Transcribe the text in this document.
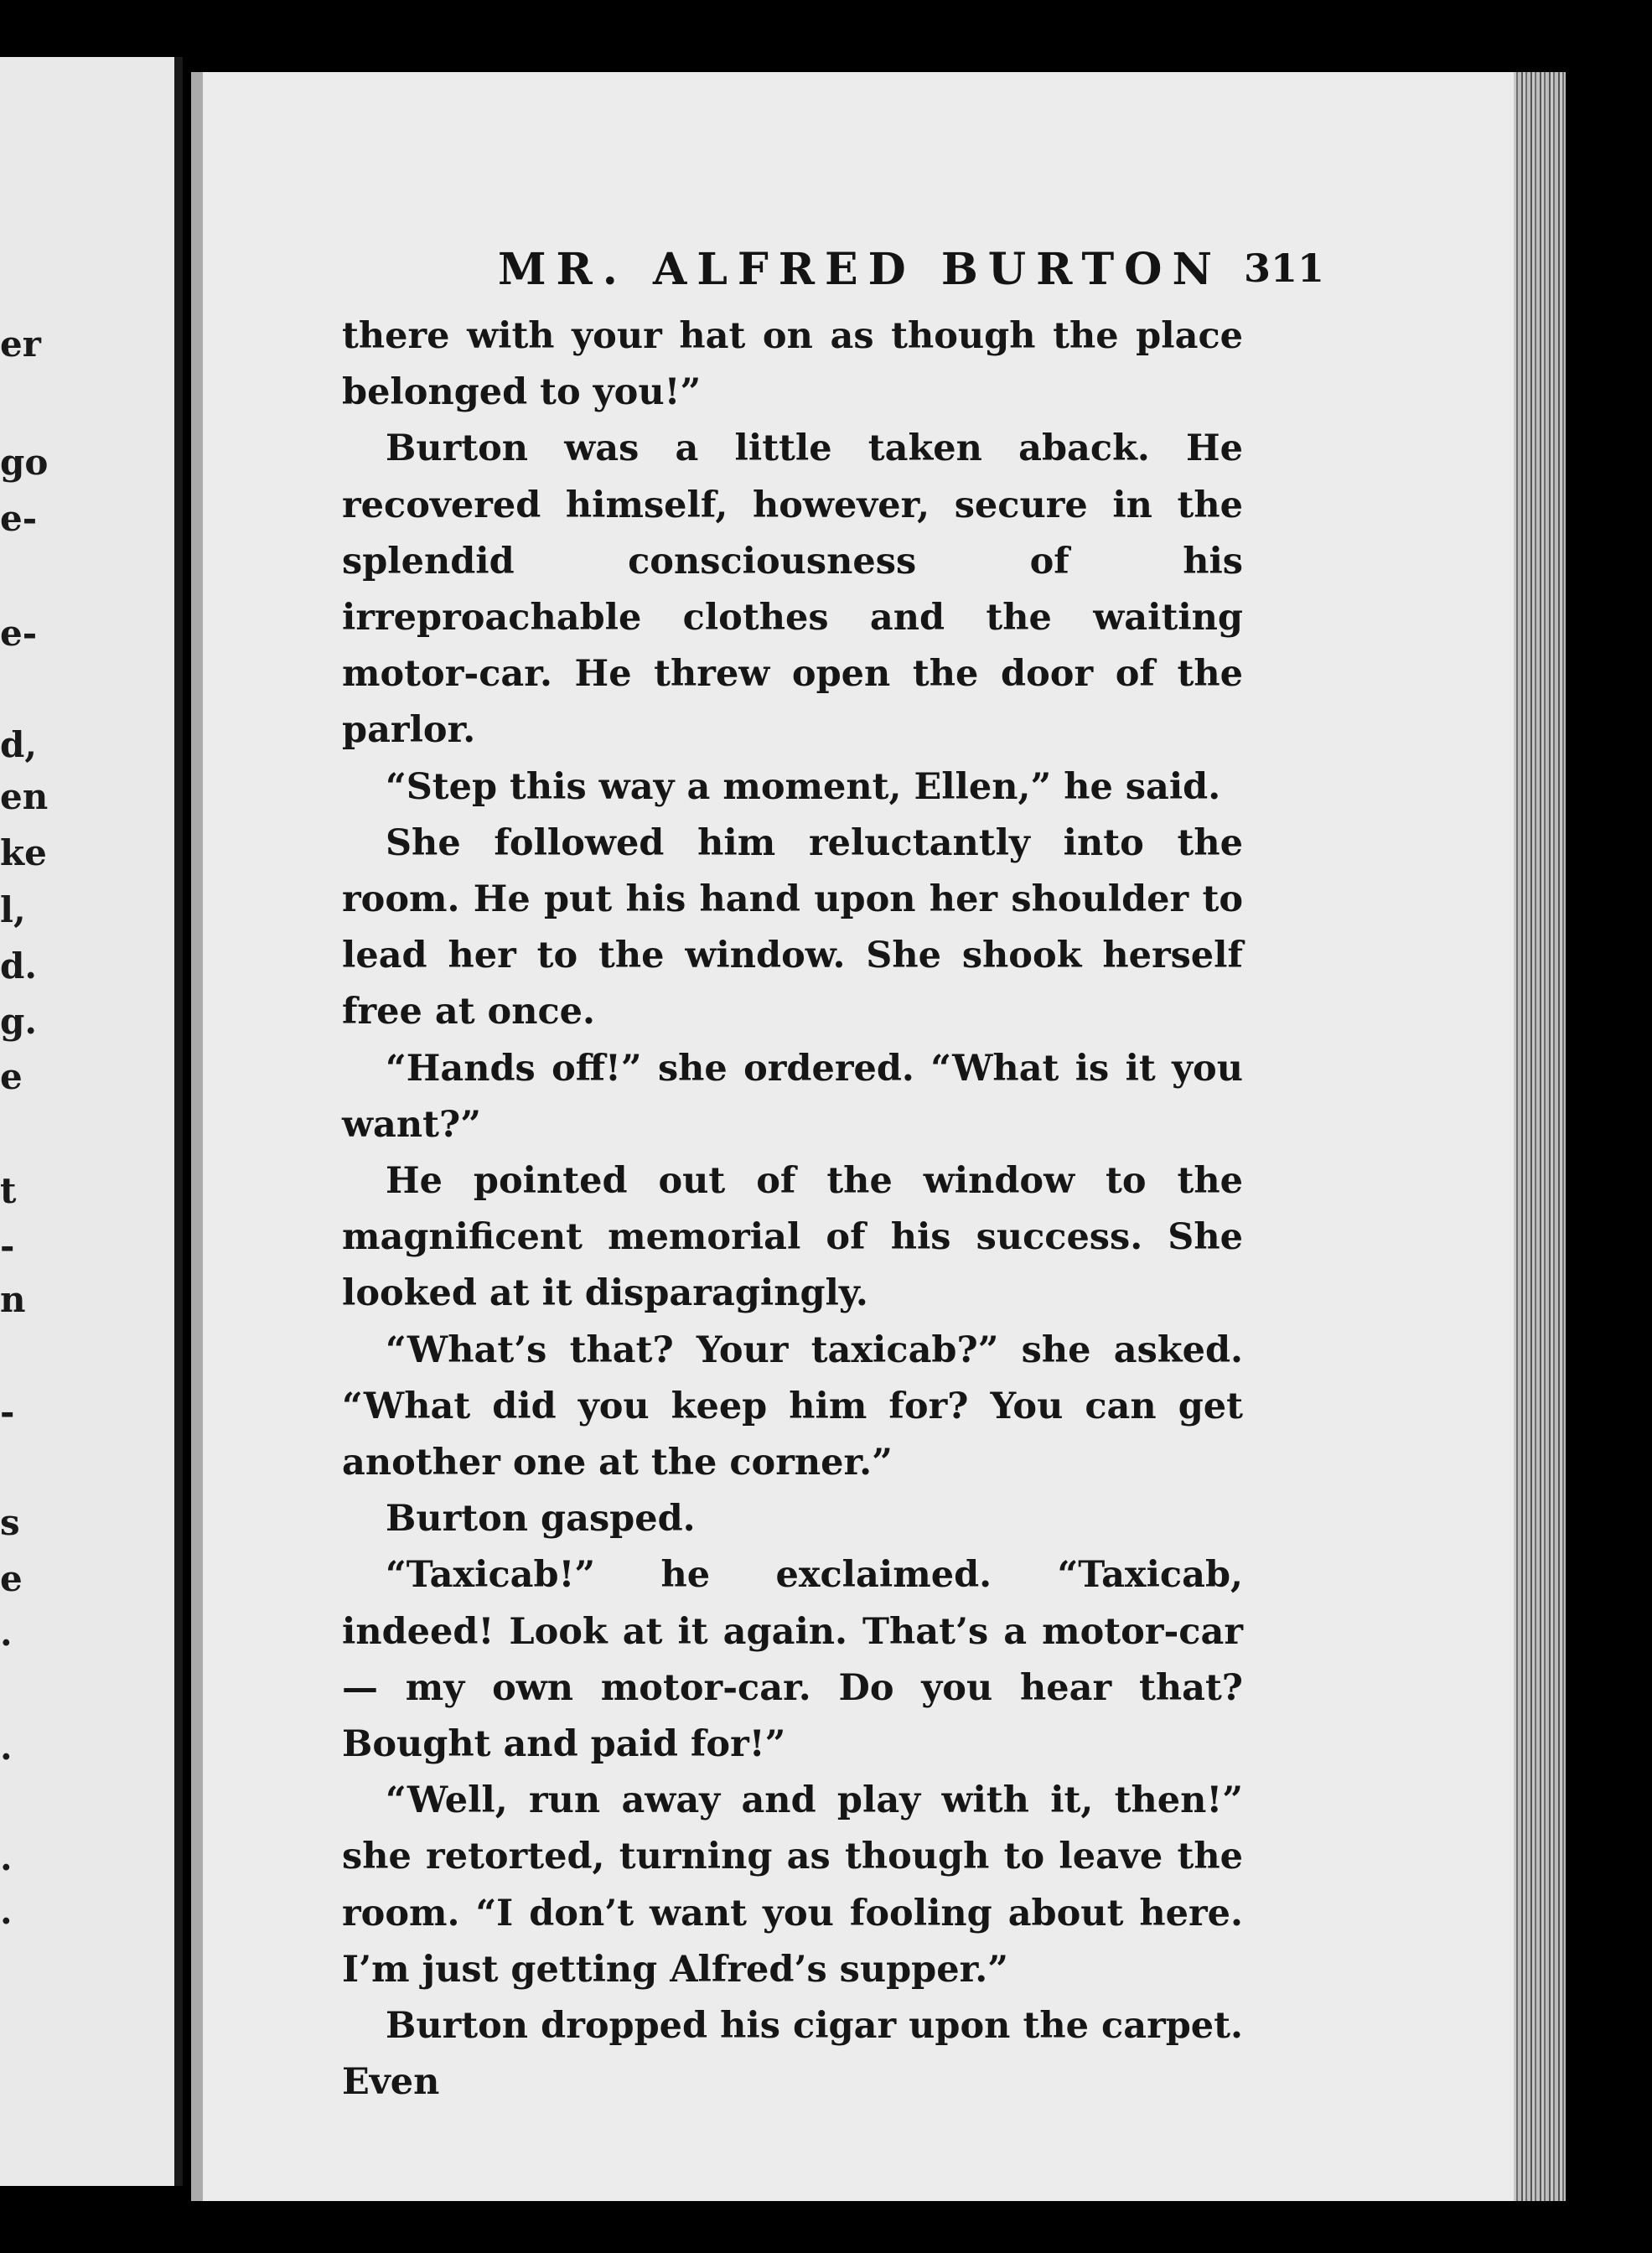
er
go
e-
e-
d,
en
ke
l,
d.
g.
e
t
-
n
-
s
e
.
.
.
.
MR. ALFRED BURTON 311

there with your hat on as though the place belonged to you!”

Burton was a little taken aback. He recovered himself, however, secure in the splendid consciousness of his irreproachable clothes and the waiting motor-car. He threw open the door of the parlor.

“Step this way a moment, Ellen,” he said.

She followed him reluctantly into the room. He put his hand upon her shoulder to lead her to the window. She shook herself free at once.

“Hands off!” she ordered. “What is it you want?”

He pointed out of the window to the magnificent memorial of his success. She looked at it disparagingly.

“What’s that? Your taxicab?” she asked. “What did you keep him for? You can get another one at the corner.”

Burton gasped.

“Taxicab!” he exclaimed. “Taxicab, indeed! Look at it again. That’s a motor-car — my own motor-car. Do you hear that? Bought and paid for!”

“Well, run away and play with it, then!” she retorted, turning as though to leave the room. “I don’t want you fooling about here. I’m just getting Alfred’s supper.”

Burton dropped his cigar upon the carpet. Even
